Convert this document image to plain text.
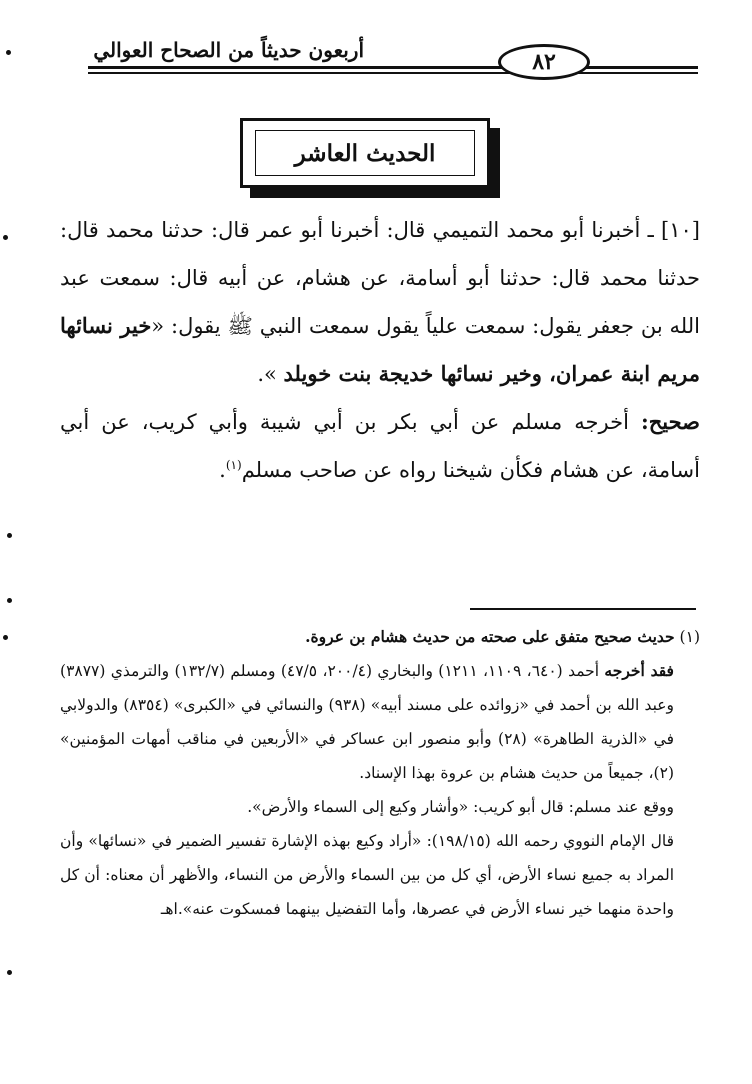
أربعون حديثاً من الصحاح العوالي	٨٢
الحديث العاشر

[١٠] ـ أخبرنا أبو محمد التميمي قال: أخبرنا أبو عمر قال: حدثنا محمد قال: حدثنا محمد قال: حدثنا أبو أسامة، عن هشام، عن أبيه قال: سمعت عبد الله بن جعفر يقول: سمعت علياً يقول سمعت النبي ﷺ يقول: «خير نسائها مريم ابنة عمران، وخير نسائها خديجة بنت خويلد ».

صحيح: أخرجه مسلم عن أبي بكر بن أبي شيبة وأبي كريب، عن أبي أسامة، عن هشام فكأن شيخنا رواه عن صاحب مسلم$^{(١)}$.

(١) حديث صحيح متفق على صحته من حديث هشام بن عروة.

فقد أخرجه أحمد (٦٤٠، ١١٠٩، ١٢١١) والبخاري (٢٠٠/٤، ٤٧/٥) ومسلم (١٣٢/٧) والترمذي (٣٨٧٧) وعبد الله بن أحمد في «زوائده على مسند أبيه» (٩٣٨) والنسائي في «الكبرى» (٨٣٥٤) والدولابي في «الذرية الطاهرة» (٢٨) وأبو منصور ابن عساكر في «الأربعين في مناقب أمهات المؤمنين» (٢)، جميعاً من حديث هشام بن عروة بهذا الإسناد.

ووقع عند مسلم: قال أبو كريب: «وأشار وكيع إلى السماء والأرض».

قال الإمام النووي رحمه الله (١٩٨/١٥): «أراد وكيع بهذه الإشارة تفسير الضمير في «نسائها» وأن المراد به جميع نساء الأرض، أي كل من بين السماء والأرض من النساء، والأظهر أن معناه: أن كل واحدة منهما خير نساء الأرض في عصرها، وأما التفضيل بينهما فمسكوت عنه».اهـ
